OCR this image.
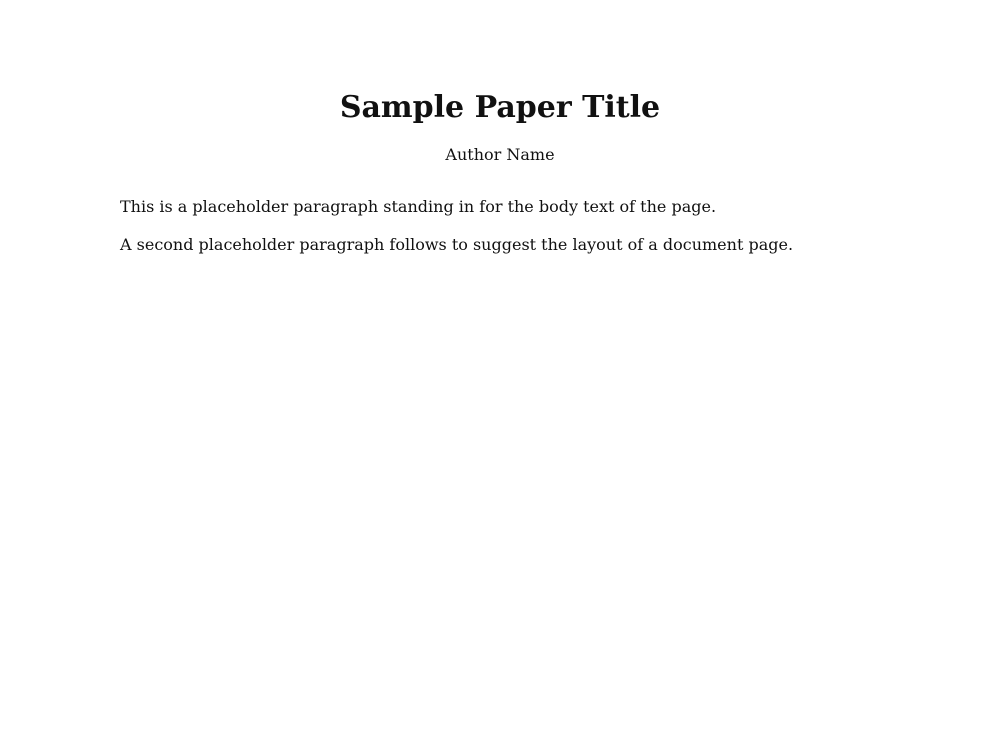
Sample Paper Title
Author Name

This is a placeholder paragraph standing in for the body text of the page.

A second placeholder paragraph follows to suggest the layout of a document page.
